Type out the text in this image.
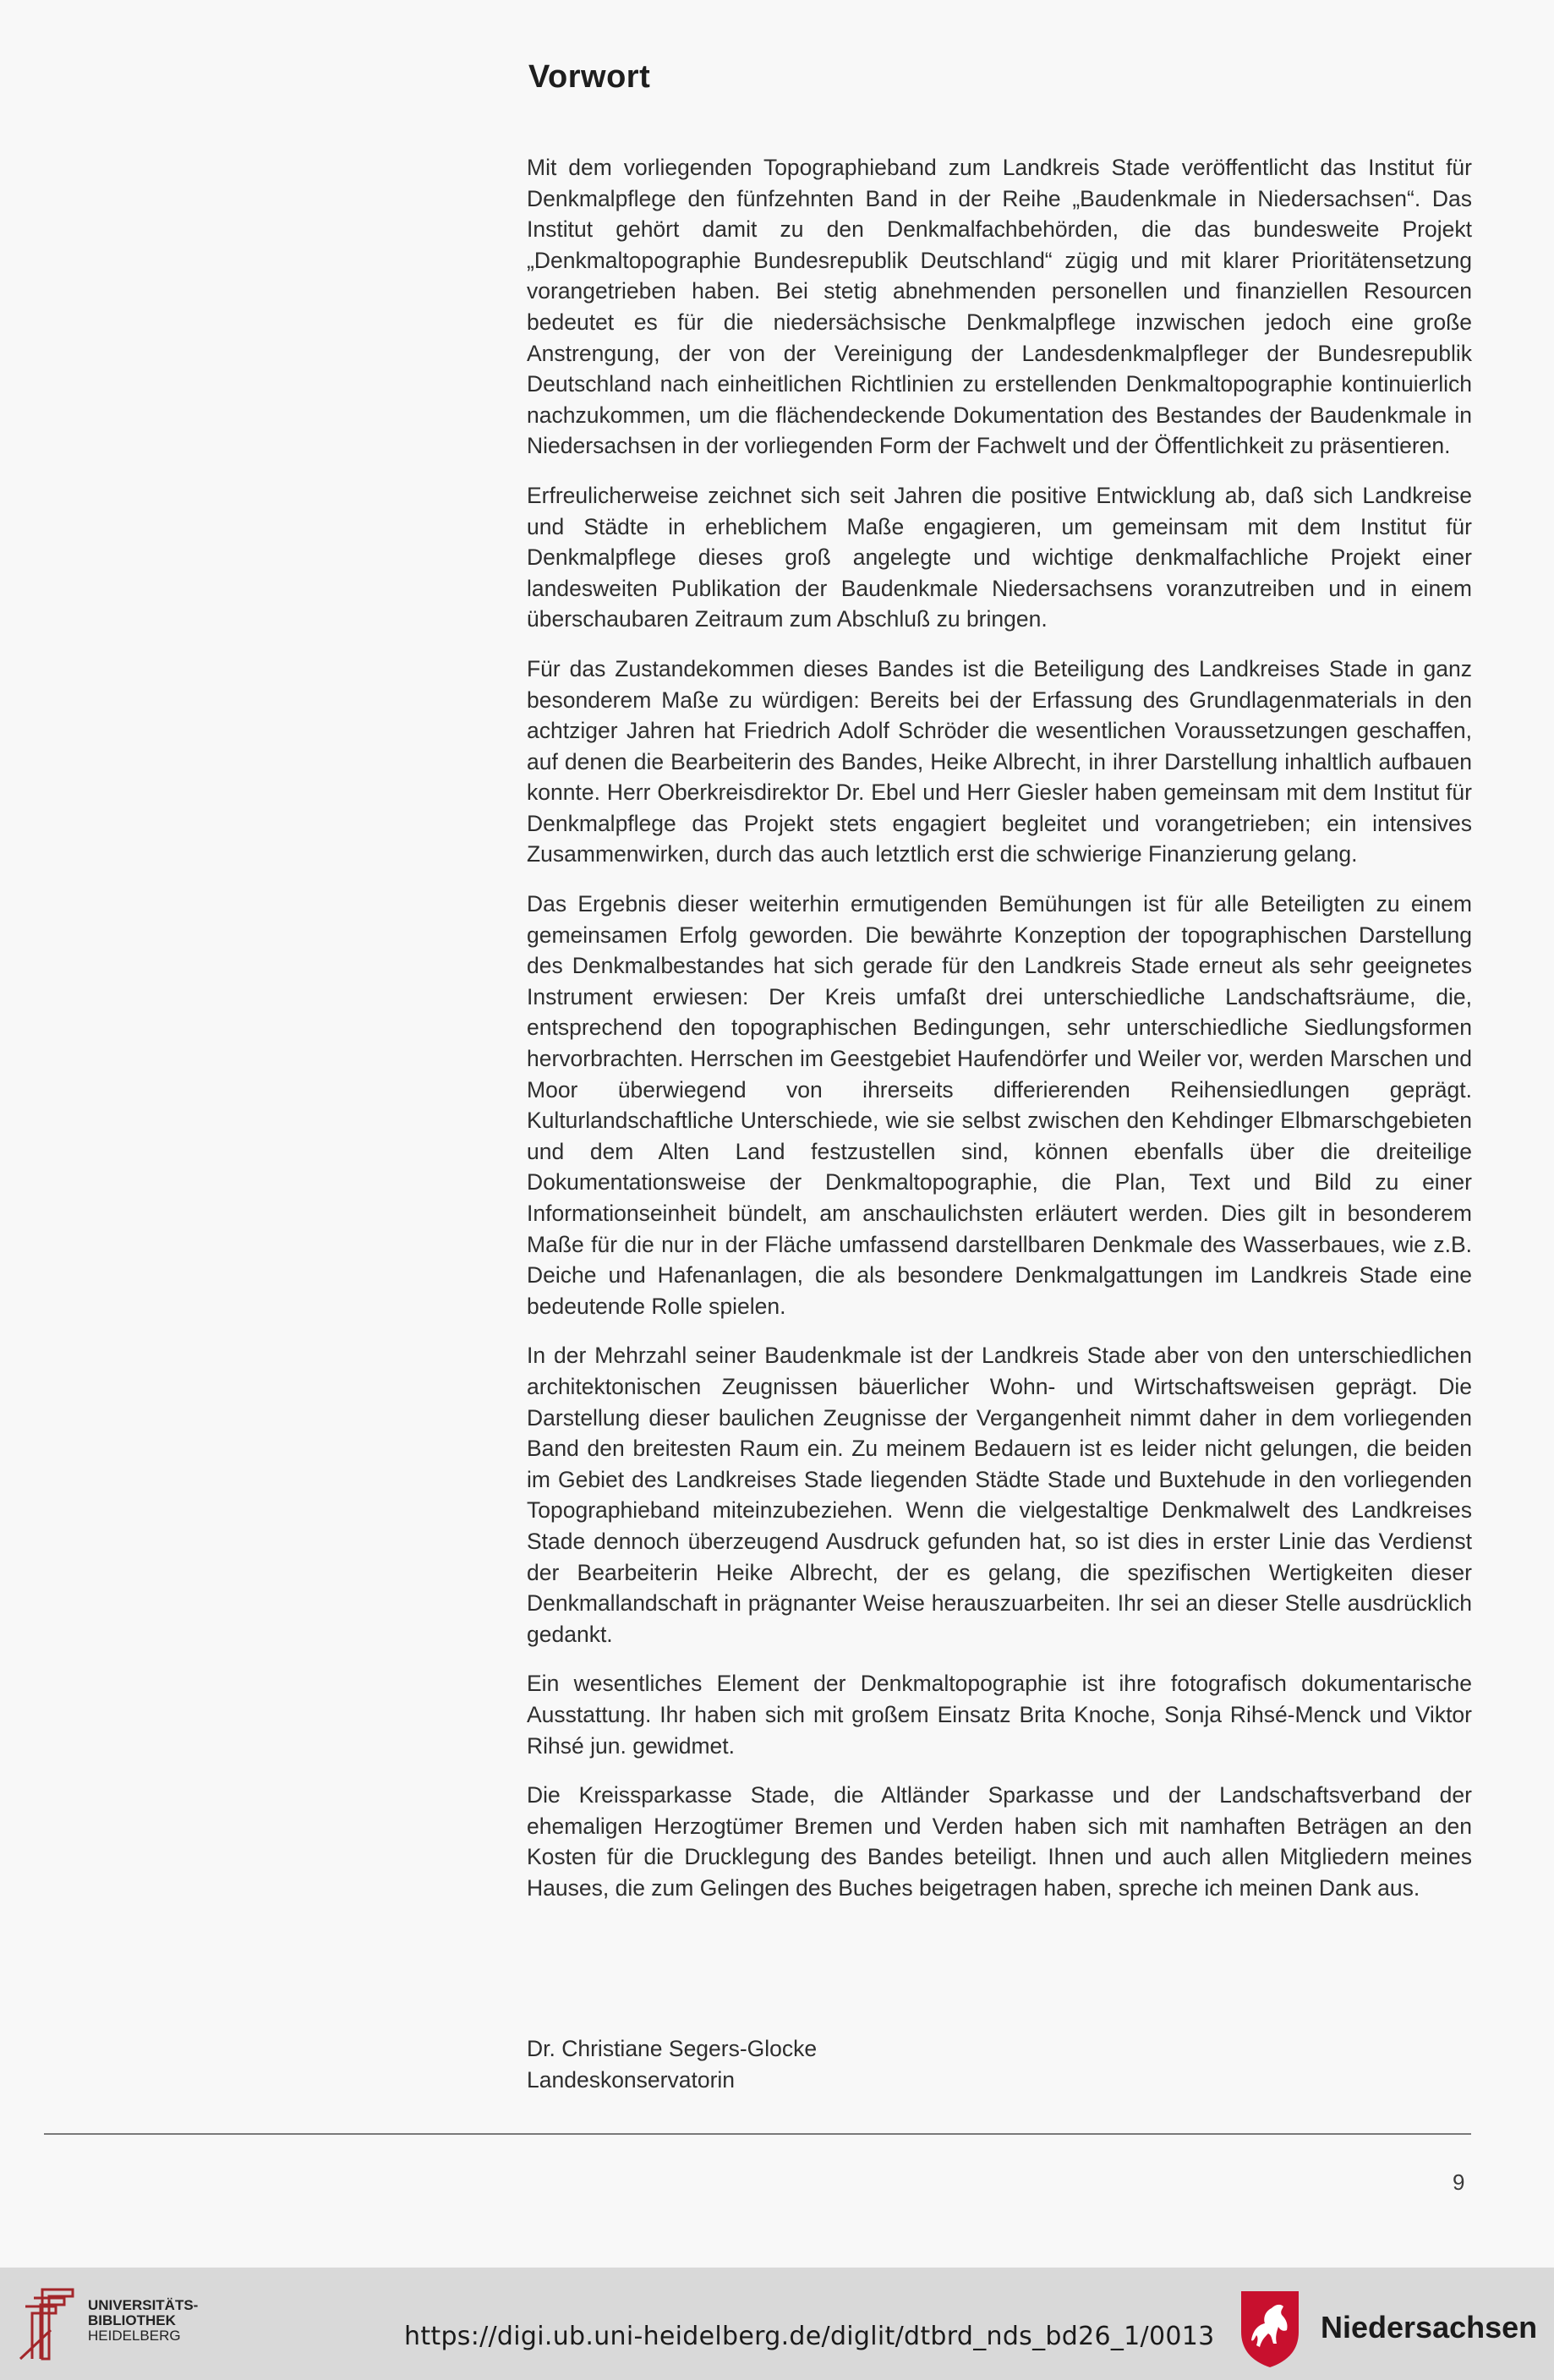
Vorwort

Mit dem vorliegenden Topographieband zum Landkreis Stade veröffentlicht das Institut für Denkmalpflege den fünfzehnten Band in der Reihe „Baudenkmale in Niedersachsen“. Das Institut gehört damit zu den Denkmalfachbehörden, die das bundesweite Projekt „Denkmaltopographie Bundesrepublik Deutschland“ zügig und mit klarer Prioritätensetzung vorangetrieben haben. Bei stetig abnehmenden personellen und finanziellen Resourcen bedeutet es für die niedersächsische Denkmalpflege inzwischen jedoch eine große Anstrengung, der von der Vereinigung der Landesdenkmalpfleger der Bundesrepublik Deutschland nach einheitlichen Richtlinien zu erstellenden Denkmaltopographie kontinuierlich nachzukommen, um die flächendeckende Dokumentation des Bestandes der Baudenkmale in Niedersachsen in der vorliegenden Form der Fachwelt und der Öffentlichkeit zu präsentieren.

Erfreulicherweise zeichnet sich seit Jahren die positive Entwicklung ab, daß sich Landkreise und Städte in erheblichem Maße engagieren, um gemeinsam mit dem Institut für Denkmalpflege dieses groß angelegte und wichtige denkmalfachliche Projekt einer landesweiten Publikation der Baudenkmale Niedersachsens voranzutreiben und in einem überschaubaren Zeitraum zum Abschluß zu bringen.

Für das Zustandekommen dieses Bandes ist die Beteiligung des Landkreises Stade in ganz besonderem Maße zu würdigen: Bereits bei der Erfassung des Grundlagenmaterials in den achtziger Jahren hat Friedrich Adolf Schröder die wesentlichen Voraussetzungen geschaffen, auf denen die Bearbeiterin des Bandes, Heike Albrecht, in ihrer Darstellung inhaltlich aufbauen konnte. Herr Oberkreisdirektor Dr. Ebel und Herr Giesler haben gemeinsam mit dem Institut für Denkmalpflege das Projekt stets engagiert begleitet und vorangetrieben; ein intensives Zusammenwirken, durch das auch letztlich erst die schwierige Finanzierung gelang.

Das Ergebnis dieser weiterhin ermutigenden Bemühungen ist für alle Beteiligten zu einem gemeinsamen Erfolg geworden. Die bewährte Konzeption der topographischen Darstellung des Denkmalbestandes hat sich gerade für den Landkreis Stade erneut als sehr geeignetes Instrument erwiesen: Der Kreis umfaßt drei unterschiedliche Landschaftsräume, die, entsprechend den topographischen Bedingungen, sehr unterschiedliche Siedlungsformen hervorbrachten. Herrschen im Geestgebiet Haufendörfer und Weiler vor, werden Marschen und Moor überwiegend von ihrerseits differierenden Reihensiedlungen geprägt. Kulturlandschaftliche Unterschiede, wie sie selbst zwischen den Kehdinger Elbmarschgebieten und dem Alten Land festzustellen sind, können ebenfalls über die dreiteilige Dokumentationsweise der Denkmaltopographie, die Plan, Text und Bild zu einer Informationseinheit bündelt, am anschaulichsten erläutert werden. Dies gilt in besonderem Maße für die nur in der Fläche umfassend darstellbaren Denkmale des Wasserbaues, wie z.B. Deiche und Hafenanlagen, die als besondere Denkmalgattungen im Landkreis Stade eine bedeutende Rolle spielen.

In der Mehrzahl seiner Baudenkmale ist der Landkreis Stade aber von den unterschiedlichen architektonischen Zeugnissen bäuerlicher Wohn- und Wirtschaftsweisen geprägt. Die Darstellung dieser baulichen Zeugnisse der Vergangenheit nimmt daher in dem vorliegenden Band den breitesten Raum ein. Zu meinem Bedauern ist es leider nicht gelungen, die beiden im Gebiet des Landkreises Stade liegenden Städte Stade und Buxtehude in den vorliegenden Topographieband miteinzubeziehen. Wenn die vielgestaltige Denkmalwelt des Landkreises Stade dennoch überzeugend Ausdruck gefunden hat, so ist dies in erster Linie das Verdienst der Bearbeiterin Heike Albrecht, der es gelang, die spezifischen Wertigkeiten dieser Denkmallandschaft in prägnanter Weise herauszuarbeiten. Ihr sei an dieser Stelle ausdrücklich gedankt.

Ein wesentliches Element der Denkmaltopographie ist ihre fotografisch dokumentarische Ausstattung. Ihr haben sich mit großem Einsatz Brita Knoche, Sonja Rihsé-Menck und Viktor Rihsé jun. gewidmet.

Die Kreissparkasse Stade, die Altländer Sparkasse und der Landschaftsverband der ehemaligen Herzogtümer Bremen und Verden haben sich mit namhaften Beträgen an den Kosten für die Drucklegung des Bandes beteiligt. Ihnen und auch allen Mitgliedern meines Hauses, die zum Gelingen des Buches beigetragen haben, spreche ich meinen Dank aus.

Dr. Christiane Segers-Glocke
Landeskonservatorin
9
UNIVERSITÄTS-
BIBLIOTHEK
HEIDELBERG	https://digi.ub.uni-heidelberg.de/diglit/dtbrd_nds_bd26_1/0013	Niedersachsen
